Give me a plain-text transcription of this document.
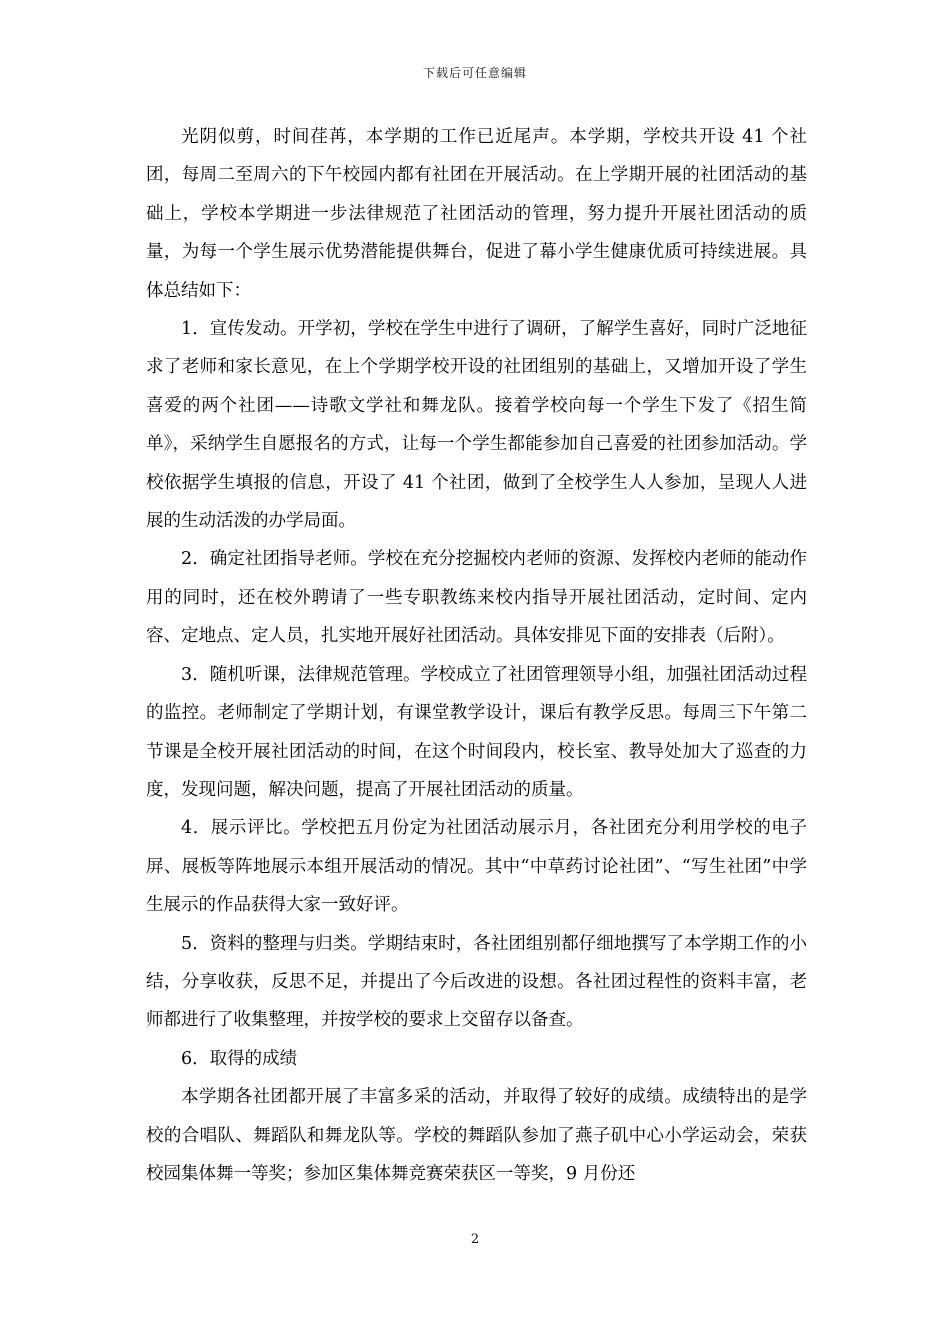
下载后可任意编辑

光阴似剪，时间荏苒，本学期的工作已近尾声。本学期，学校共开设 41 个社团，每周二至周六的下午校园内都有社团在开展活动。在上学期开展的社团活动的基础上，学校本学期进一步法律规范了社团活动的管理，努力提升开展社团活动的质量，为每一个学生展示优势潜能提供舞台，促进了幕小学生健康优质可持续进展。具体总结如下：

1．宣传发动。开学初，学校在学生中进行了调研，了解学生喜好，同时广泛地征求了老师和家长意见，在上个学期学校开设的社团组别的基础上，又增加开设了学生喜爱的两个社团——诗歌文学社和舞龙队。接着学校向每一个学生下发了《招生简单》，采纳学生自愿报名的方式，让每一个学生都能参加自己喜爱的社团参加活动。学校依据学生填报的信息，开设了 41 个社团，做到了全校学生人人参加，呈现人人进展的生动活泼的办学局面。

2．确定社团指导老师。学校在充分挖掘校内老师的资源、发挥校内老师的能动作用的同时，还在校外聘请了一些专职教练来校内指导开展社团活动，定时间、定内容、定地点、定人员，扎实地开展好社团活动。具体安排见下面的安排表（后附）。

3．随机听课，法律规范管理。学校成立了社团管理领导小组，加强社团活动过程的监控。老师制定了学期计划，有课堂教学设计，课后有教学反思。每周三下午第二节课是全校开展社团活动的时间，在这个时间段内，校长室、教导处加大了巡查的力度，发现问题，解决问题，提高了开展社团活动的质量。

4．展示评比。学校把五月份定为社团活动展示月，各社团充分利用学校的电子屏、展板等阵地展示本组开展活动的情况。其中“中草药讨论社团”、“写生社团”中学生展示的作品获得大家一致好评。

5．资料的整理与归类。学期结束时，各社团组别都仔细地撰写了本学期工作的小结，分享收获，反思不足，并提出了今后改进的设想。各社团过程性的资料丰富，老师都进行了收集整理，并按学校的要求上交留存以备查。

6．取得的成绩

本学期各社团都开展了丰富多采的活动，并取得了较好的成绩。成绩特出的是学校的合唱队、舞蹈队和舞龙队等。学校的舞蹈队参加了燕子矶中心小学运动会，荣获校园集体舞一等奖；参加区集体舞竞赛荣获区一等奖，9 月份还

2
